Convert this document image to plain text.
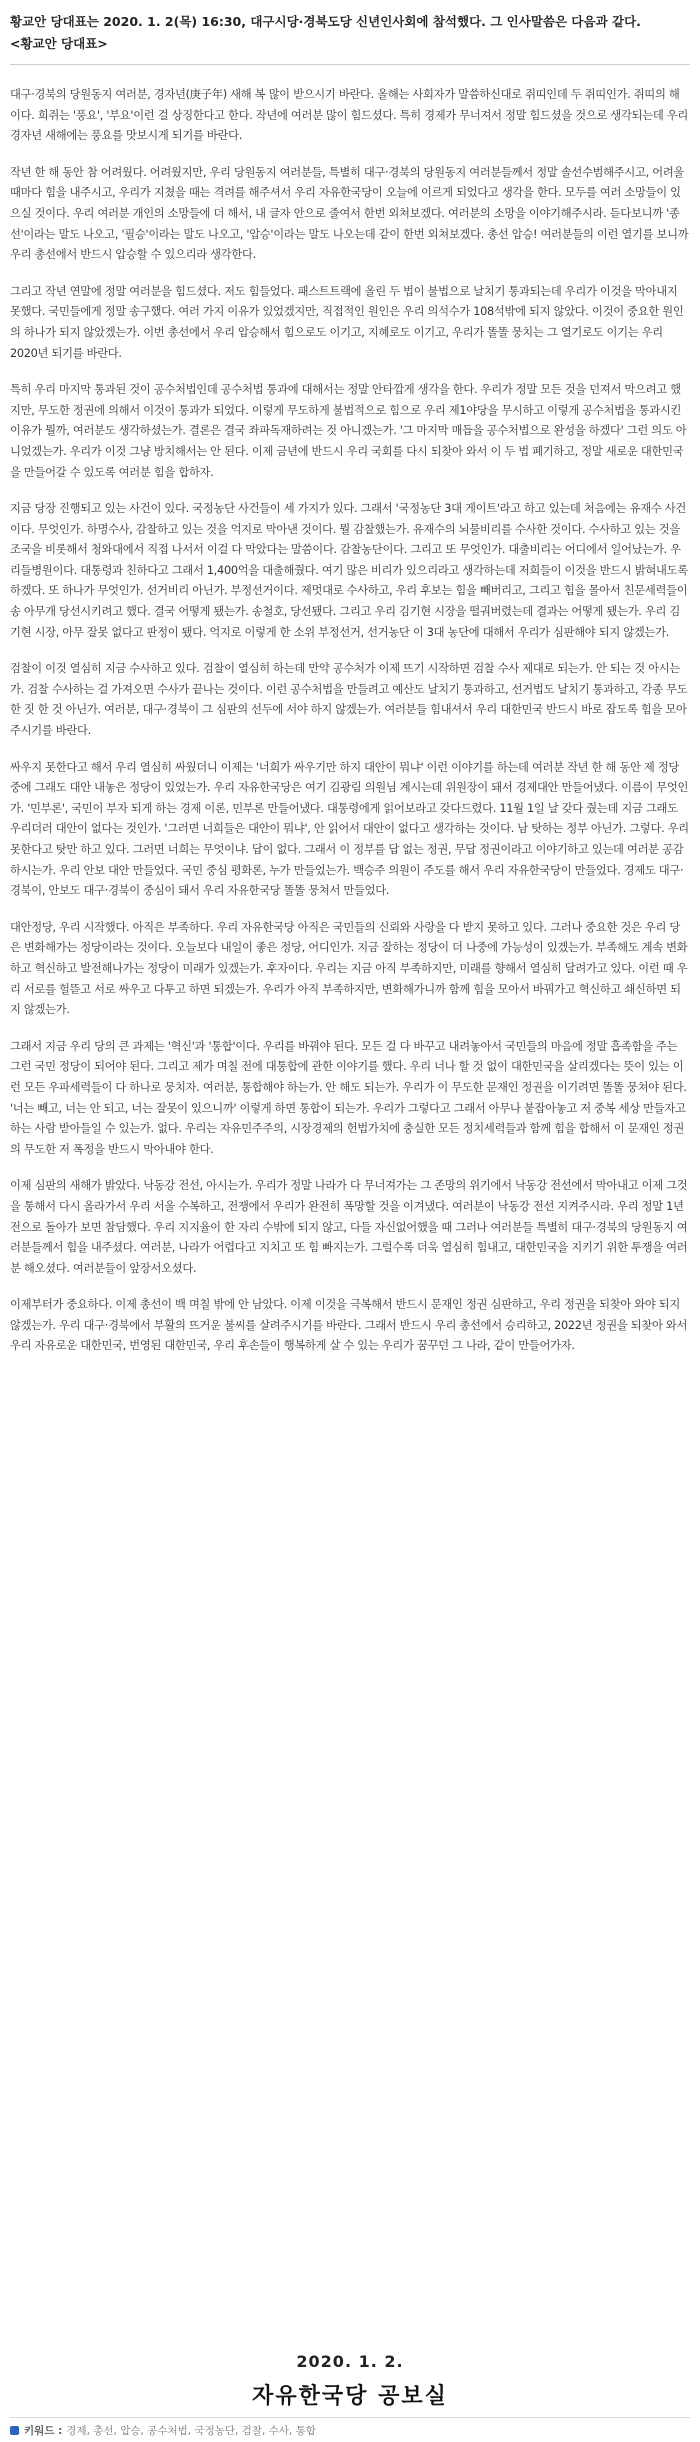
황교안 당대표는 2020. 1. 2(목) 16:30, 대구시당·경북도당 신년인사회에 참석했다. 그 인사말씀은 다음과 같다.

<황교안 당대표>

대구·경북의 당원동지 여러분, 경자년(庚子年) 새해 복 많이 받으시기 바란다. 올해는 사회자가 말씀하신대로 쥐띠인데 두 쥐띠인가. 쥐띠의 해이다. 희쥐는 '풍요', '부요'이런 걸 상징한다고 한다. 작년에 여러분 많이 힘드셨다. 특히 경제가 무너져서 정말 힘드셨을 것으로 생각되는데 우리 경자년 새해에는 풍요를 맛보시게 되기를 바란다.

작년 한 해 동안 참 어려웠다. 어려웠지만, 우리 당원동지 여러분들, 특별히 대구·경북의 당원동지 여러분들께서 정말 솔선수범해주시고, 어려울 때마다 힘을 내주시고, 우리가 지쳤을 때는 격려를 해주셔서 우리 자유한국당이 오늘에 이르게 되었다고 생각을 한다. 모두를 여러 소망들이 있으실 것이다. 우리 여러분 개인의 소망들에 더 해서, 내 글자 안으로 줄여서 한번 외쳐보겠다. 여러분의 소망을 이야기해주시라. 듣다보니까 '종선'이라는 말도 나오고, '필승'이라는 말도 나오고, '압승'이라는 말도 나오는데 같이 한번 외쳐보겠다. 총선 압승! 여러분들의 이런 열기를 보니까 우리 총선에서 반드시 압승할 수 있으리라 생각한다.

그리고 작년 연말에 정말 여러분을 힘드셨다. 저도 힘들었다. 패스트트랙에 올린 두 법이 불법으로 날치기 통과되는데 우리가 이것을 막아내지 못했다. 국민들에게 정말 송구했다. 여러 가지 이유가 있었겠지만, 직접적인 원인은 우리 의석수가 108석밖에 되지 않았다. 이것이 중요한 원인의 하나가 되지 않았겠는가. 이번 총선에서 우리 압승해서 힘으로도 이기고, 지혜로도 이기고, 우리가 똘똘 뭉치는 그 열기로도 이기는 우리 2020년 되기를 바란다.

특히 우리 마지막 통과된 것이 공수처법인데 공수처법 통과에 대해서는 정말 안타깝게 생각을 한다. 우리가 정말 모든 것을 던져서 막으려고 했지만, 무도한 정권에 의해서 이것이 통과가 되었다. 이렇게 무도하게 불법적으로 힘으로 우리 제1야당을 무시하고 이렇게 공수처법을 통과시킨 이유가 뭘까, 여러분도 생각하셨는가. 결론은 결국 좌파독재하려는 것 아니겠는가. '그 마지막 매듭을 공수처법으로 완성을 하겠다' 그런 의도 아니었겠는가. 우리가 이것 그냥 방치해서는 안 된다. 이제 금년에 반드시 우리 국회를 다시 되찾아 와서 이 두 법 폐기하고, 정말 새로운 대한민국을 만들어갈 수 있도록 여러분 힘을 합하자.

지금 당장 진행되고 있는 사건이 있다. 국정농단 사건들이 세 가지가 있다. 그래서 '국정농단 3대 게이트'라고 하고 있는데 처음에는 유재수 사건이다. 무엇인가. 하명수사, 감찰하고 있는 것을 억지로 막아낸 것이다. 뭘 감찰했는가. 유재수의 뇌물비리를 수사한 것이다. 수사하고 있는 것을 조국을 비롯해서 청와대에서 직접 나서서 이걸 다 막았다는 말씀이다. 감찰농단이다. 그리고 또 무엇인가. 대출비리는 어디에서 일어났는가. 우리들병원이다. 대통령과 친하다고 그래서 1,400억을 대출해줬다. 여기 많은 비리가 있으리라고 생각하는데 저희들이 이것을 반드시 밝혀내도록 하겠다. 또 하나가 무엇인가. 선거비리 아닌가. 부정선거이다. 제멋대로 수사하고, 우리 후보는 힘을 빼버리고, 그리고 힘을 몰아서 친문세력들이 송 아무개 당선시키려고 했다. 결국 어떻게 됐는가. 송철호, 당선됐다. 그리고 우리 김기현 시장을 떨궈버렸는데 결과는 어떻게 됐는가. 우리 김기현 시장, 아무 잘못 없다고 판정이 됐다. 억지로 이렇게 한 소위 부정선거, 선거농단 이 3대 농단에 대해서 우리가 심판해야 되지 않겠는가.

검찰이 이것 열심히 지금 수사하고 있다. 검찰이 열심히 하는데 만약 공수처가 이제 뜨기 시작하면 검찰 수사 제대로 되는가. 안 되는 것 아시는가. 검찰 수사하는 걸 가져오면 수사가 끝나는 것이다. 이런 공수처법을 만들려고 예산도 날치기 통과하고, 선거법도 날치기 통과하고, 각종 무도한 짓 한 것 아닌가. 여러분, 대구·경북이 그 심판의 선두에 서야 하지 않겠는가. 여러분들 힘내셔서 우리 대한민국 반드시 바로 잡도록 힘을 모아주시기를 바란다.

싸우지 못한다고 해서 우리 열심히 싸웠더니 이제는 '너희가 싸우기만 하지 대안이 뭐냐' 이런 이야기를 하는데 여러분 작년 한 해 동안 제 정당 중에 그래도 대안 내놓은 정당이 있었는가. 우리 자유한국당은 여기 김광림 의원님 계시는데 위원장이 돼서 경제대안 만들어냈다. 이름이 무엇인가. '민부론', 국민이 부자 되게 하는 경제 이론, 민부론 만들어냈다. 대통령에게 읽어보라고 갖다드렸다. 11월 1일 날 갖다 줬는데 지금 그래도 우리더러 대안이 없다는 것인가. '그러면 너희들은 대안이 뭐냐', 안 읽어서 대안이 없다고 생각하는 것이다. 남 탓하는 정부 아닌가. 그렇다. 우리 못한다고 탓만 하고 있다. 그러면 너희는 무엇이냐. 답이 없다. 그래서 이 정부를 답 없는 정권, 무답 정권이라고 이야기하고 있는데 여러분 공감하시는가. 우리 안보 대안 만들었다. 국민 중심 평화론, 누가 만들었는가. 백승주 의원이 주도를 해서 우리 자유한국당이 만들었다. 경제도 대구·경북이, 안보도 대구·경북이 중심이 돼서 우리 자유한국당 똘똘 뭉쳐서 만들었다.

대안정당, 우리 시작했다. 아직은 부족하다. 우리 자유한국당 아직은 국민들의 신뢰와 사랑을 다 받지 못하고 있다. 그러나 중요한 것은 우리 당은 변화해가는 정당이라는 것이다. 오늘보다 내일이 좋은 정당, 어디인가. 지금 잘하는 정당이 더 나중에 가능성이 있겠는가. 부족해도 계속 변화하고 혁신하고 발전해나가는 정당이 미래가 있겠는가. 후자이다. 우리는 지금 아직 부족하지만, 미래를 향해서 열심히 달려가고 있다. 이런 때 우리 서로를 헐뜯고 서로 싸우고 다투고 하면 되겠는가. 우리가 아직 부족하지만, 변화해가니까 함께 힘을 모아서 바꿔가고 혁신하고 쇄신하면 되지 않겠는가.

그래서 지금 우리 당의 큰 과제는 '혁신'과 '통합'이다. 우리를 바꿔야 된다. 모든 걸 다 바꾸고 내려놓아서 국민들의 마음에 정말 흡족함을 주는 그런 국민 정당이 되어야 된다. 그리고 제가 며칠 전에 대통합에 관한 이야기를 했다. 우리 너나 할 것 없이 대한민국을 살리겠다는 뜻이 있는 이런 모든 우파세력들이 다 하나로 뭉치자. 여러분, 통합해야 하는가. 안 해도 되는가. 우리가 이 무도한 문재인 정권을 이기려면 똘똘 뭉쳐야 된다. '너는 빼고, 너는 안 되고, 너는 잘못이 있으니까' 이렇게 하면 통합이 되는가. 우리가 그렇다고 그래서 아무나 붙잡아놓고 저 중복 세상 만들자고 하는 사람 받아들일 수 있는가. 없다. 우리는 자유민주주의, 시장경제의 헌법가치에 충실한 모든 정치세력들과 함께 힘을 합해서 이 문재인 정권의 무도한 저 폭정을 반드시 막아내야 한다.

이제 심판의 새해가 밝았다. 낙동강 전선, 아시는가. 우리가 정말 나라가 다 무너져가는 그 존망의 위기에서 낙동강 전선에서 막아내고 이제 그것을 통해서 다시 올라가서 우리 서울 수복하고, 전쟁에서 우리가 완전히 폭망할 것을 이겨냈다. 여러분이 낙동강 전선 지켜주시라. 우리 정말 1년 전으로 돌아가 보면 참담했다. 우리 지지율이 한 자리 수밖에 되지 않고, 다들 자신없어했을 때 그러나 여러분들 특별히 대구·경북의 당원동지 여러분들께서 힘을 내주셨다. 여러분, 나라가 어렵다고 지치고 또 힘 빠지는가. 그럴수록 더욱 열심히 힘내고, 대한민국을 지키기 위한 투쟁을 여러분 해오셨다. 여러분들이 앞장서오셨다.

이제부터가 중요하다. 이제 총선이 백 며칠 밖에 안 남았다. 이제 이것을 극복해서 반드시 문재인 정권 심판하고, 우리 정권을 되찾아 와야 되지 않겠는가. 우리 대구·경북에서 부활의 뜨거운 불씨를 살려주시기를 바란다. 그래서 반드시 우리 총선에서 승리하고, 2022년 정권을 되찾아 와서 우리 자유로운 대한민국, 번영된 대한민국, 우리 후손들이 행복하게 살 수 있는 우리가 꿈꾸던 그 나라, 같이 만들어가자.

2020. 1. 2.
자유한국당 공보실
키워드 : 경제, 총선, 압승, 공수처법, 국정농단, 검찰, 수사, 통합
